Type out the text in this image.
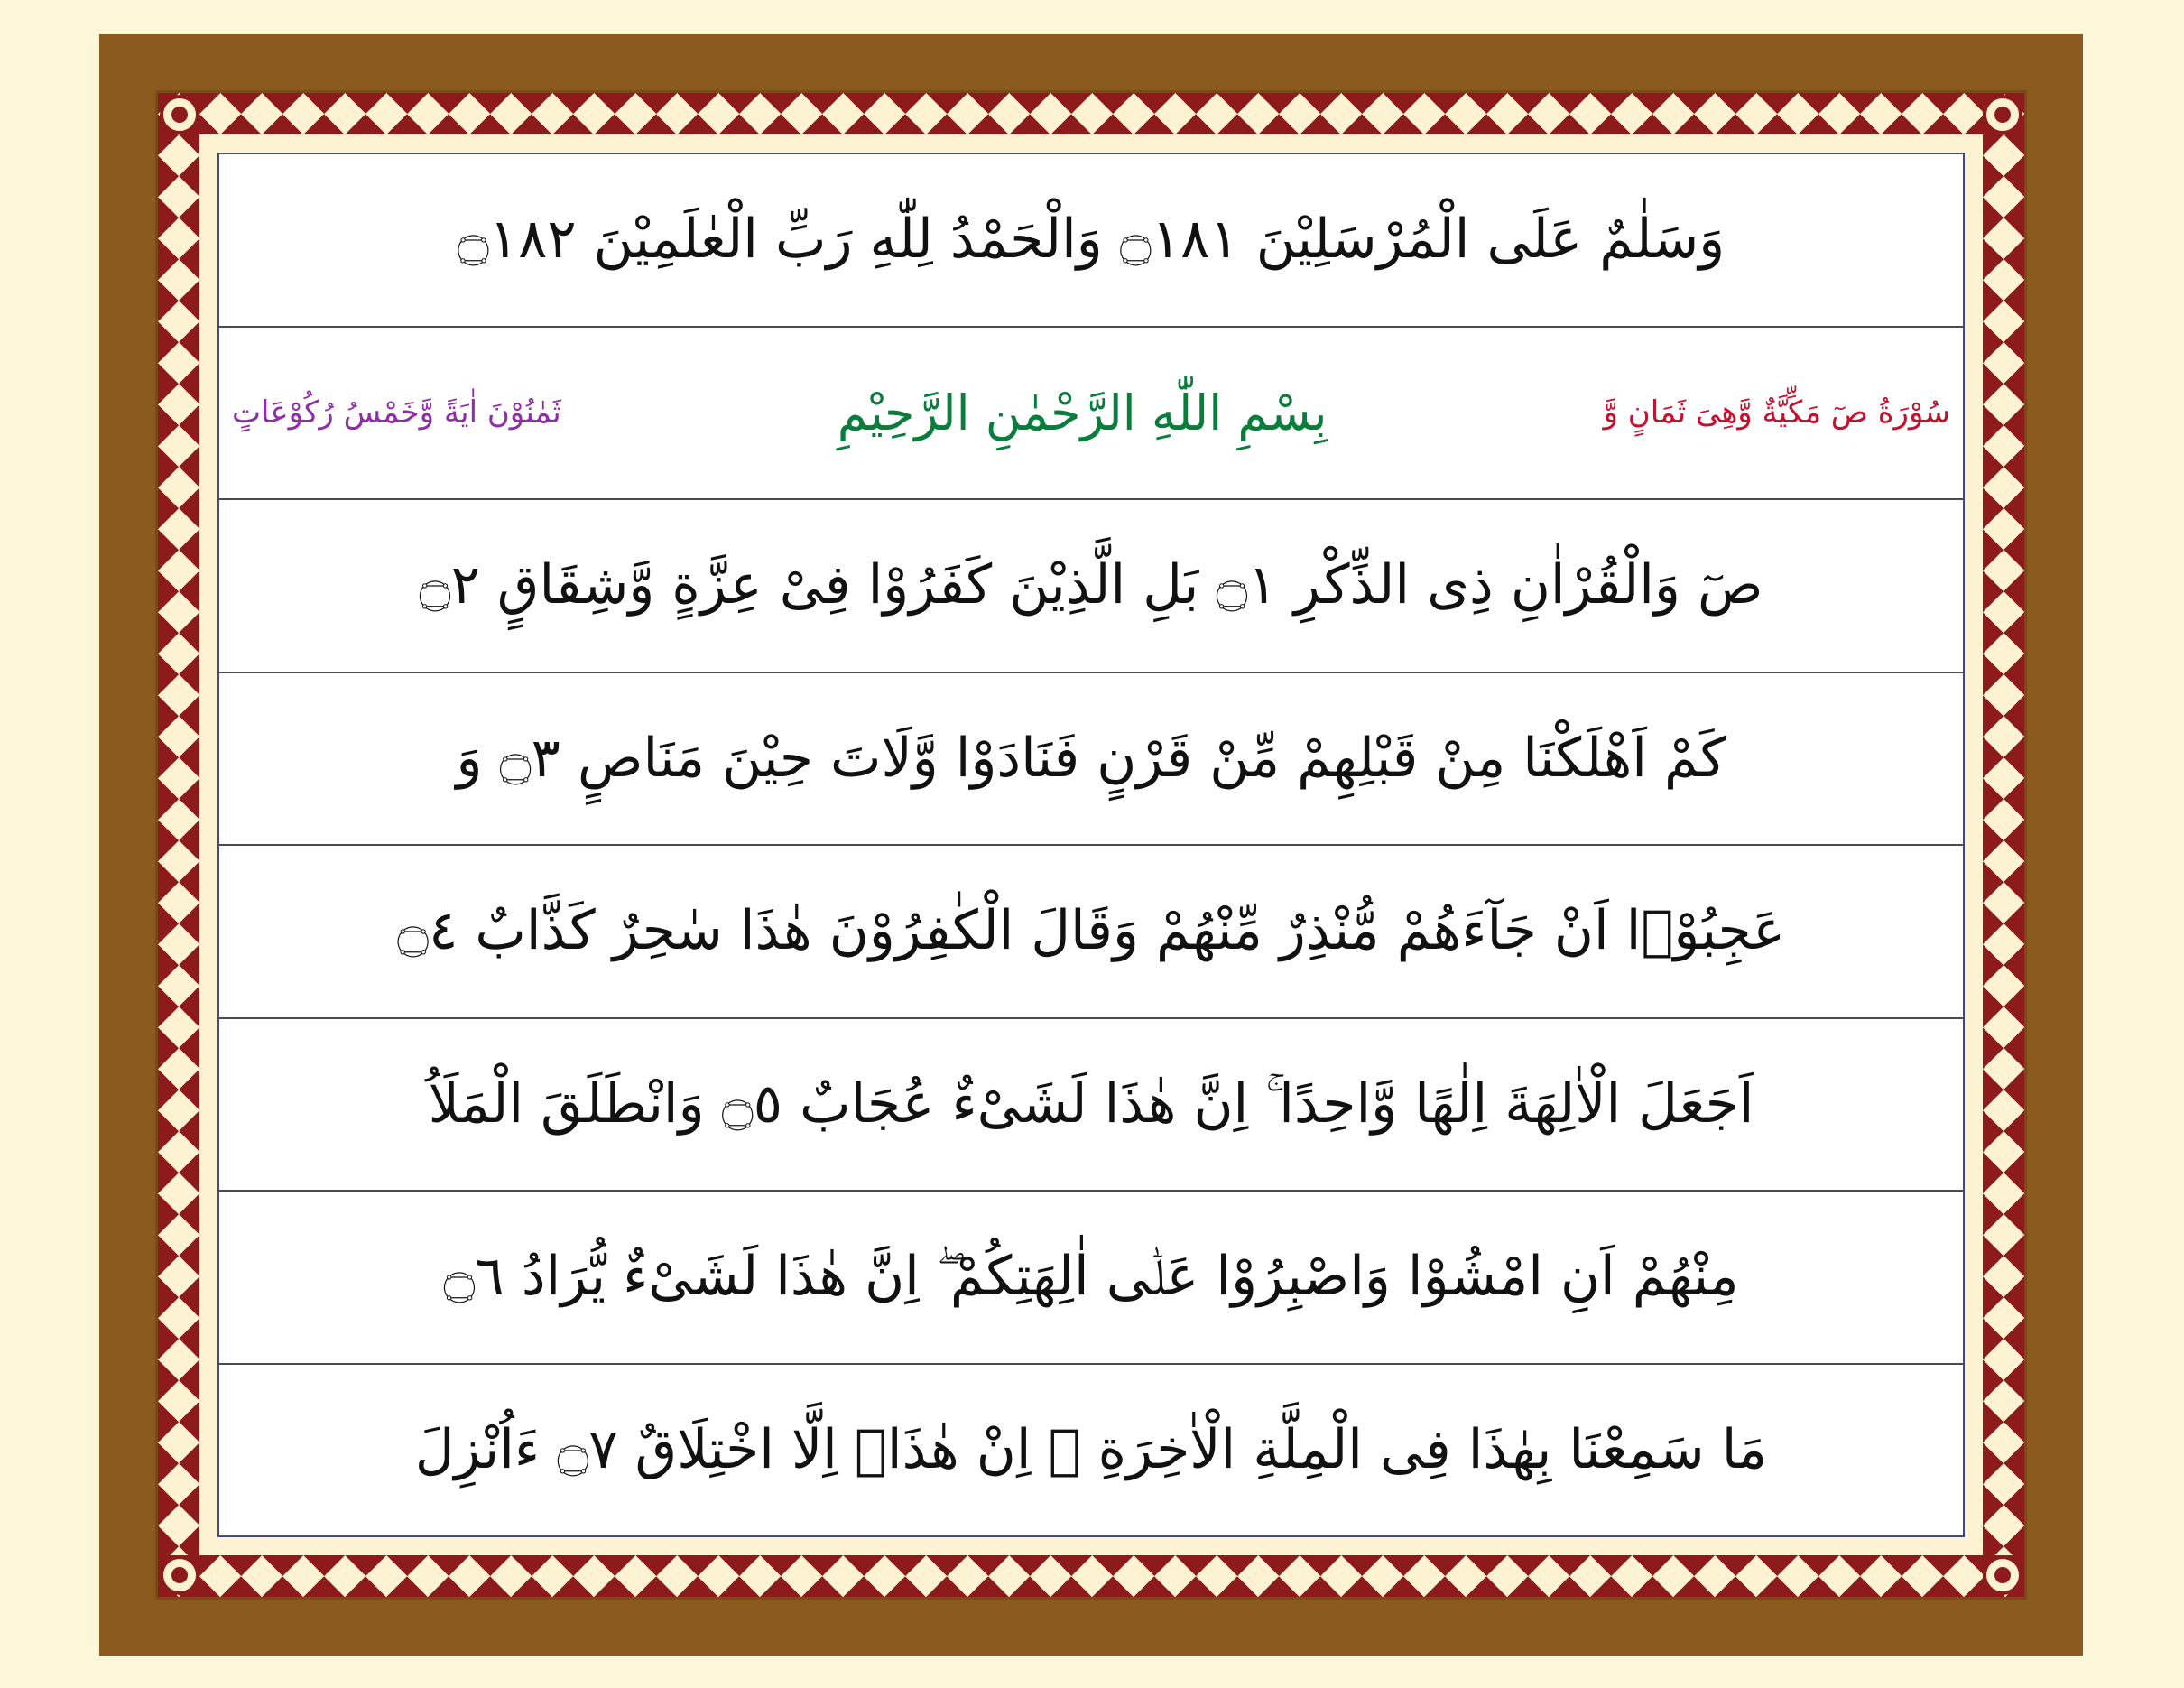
وَسَلٰمٌ عَلَى الْمُرْسَلِيْنَ ۝١٨١ وَالْحَمْدُ لِلّٰهِ رَبِّ الْعٰلَمِيْنَ ۝١٨٢
سُوْرَةُ صٓ مَكِّيَّةٌ وَّهِىَ ثَمَانٍ وَّ
بِسْمِ اللّٰهِ الرَّحْمٰنِ الرَّحِيْمِ
ثَمٰنُوْنَ اٰيَةً وَّخَمْسُ رُكُوْعَاتٍ
صٓ وَالْقُرْاٰنِ ذِى الذِّكْرِ ۝١ بَلِ الَّذِيْنَ كَفَرُوْا فِىْ عِزَّةٍ وَّشِقَاقٍ ۝٢
كَمْ اَهْلَكْنَا مِنْ قَبْلِهِمْ مِّنْ قَرْنٍ فَنَادَوْا وَّلَاتَ حِيْنَ مَنَاصٍ ۝٣ وَ
عَجِبُوْۤا اَنْ جَآءَهُمْ مُّنْذِرٌ مِّنْهُمْ وَقَالَ الْكٰفِرُوْنَ هٰذَا سٰحِرٌ كَذَّابٌ ۝٤
اَجَعَلَ الْاٰلِهَةَ اِلٰهًا وَّاحِدًا ۚ اِنَّ هٰذَا لَشَىْءٌ عُجَابٌ ۝٥ وَانْطَلَقَ الْمَلَاُ
مِنْهُمْ اَنِ امْشُوْا وَاصْبِرُوْا عَلٰۤى اٰلِهَتِكُمْ ۖ اِنَّ هٰذَا لَشَىْءٌ يُّرَادُ ۝٦
مَا سَمِعْنَا بِهٰذَا فِى الْمِلَّةِ الْاٰخِرَةِ ۖ اِنْ هٰذَاۤ اِلَّا اخْتِلَاقٌ ۝٧ ءَاُنْزِلَ
